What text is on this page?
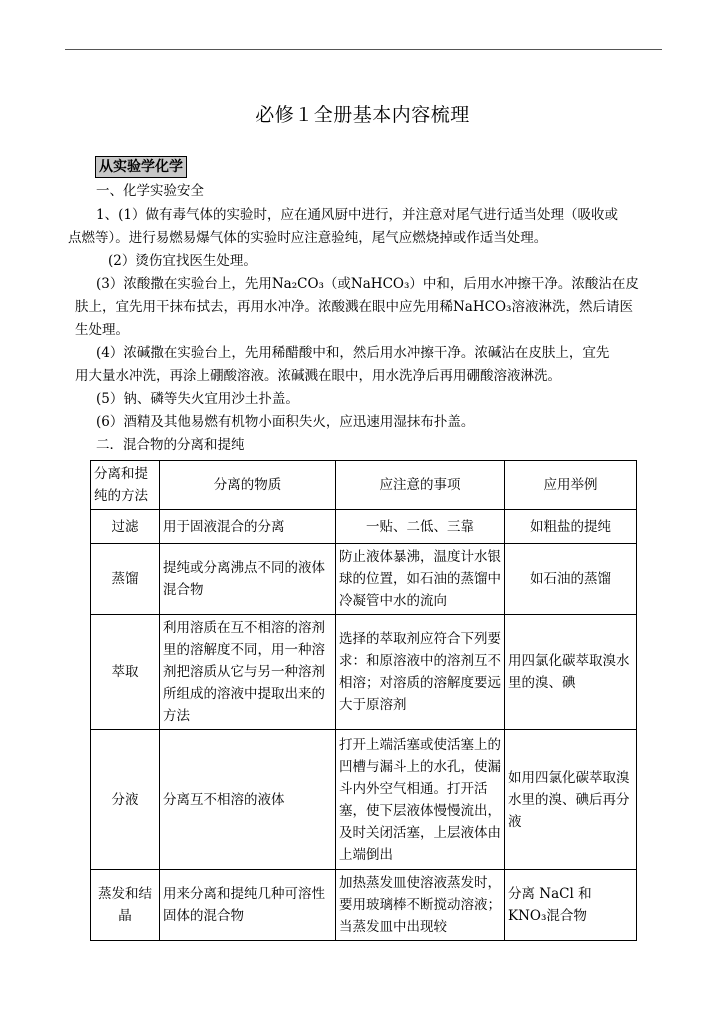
必修１全册基本内容梳理
从实验学化学
一、化学实验安全
1、(1）做有毒气体的实验时，应在通风厨中进行，并注意对尾气进行适当处理（吸收或
点燃等）。进行易燃易爆气体的实验时应注意验纯，尾气应燃烧掉或作适当处理。
(2）烫伤宜找医生处理。
(3）浓酸撒在实验台上，先用Na₂CO₃（或NaHCO₃）中和，后用水冲擦干净。浓酸沾在皮
肤上，宜先用干抹布拭去，再用水冲净。浓酸溅在眼中应先用稀NaHCO₃溶液淋洗，然后请医
生处理。
(4）浓碱撒在实验台上，先用稀醋酸中和，然后用水冲擦干净。浓碱沾在皮肤上，宜先
用大量水冲洗，再涂上硼酸溶液。浓碱溅在眼中，用水洗净后再用硼酸溶液淋洗。
(5）钠、磷等失火宜用沙土扑盖。
(6）酒精及其他易燃有机物小面积失火，应迅速用湿抹布扑盖。
二．混合物的分离和提纯
分离和提纯的方法	分离的物质	应注意的事项	应用举例
过滤	用于固液混合的分离	一贴、二低、三靠	如粗盐的提纯
蒸馏	提纯或分离沸点不同的液体混合物	防止液体暴沸，温度计水银球的位置，如石油的蒸馏中冷凝管中水的流向	如石油的蒸馏
萃取	利用溶质在互不相溶的溶剂里的溶解度不同，用一种溶剂把溶质从它与另一种溶剂所组成的溶液中提取出来的方法	选择的萃取剂应符合下列要求：和原溶液中的溶剂互不相溶；对溶质的溶解度要远大于原溶剂	用四氯化碳萃取溴水里的溴、碘
分液	分离互不相溶的液体	打开上端活塞或使活塞上的凹槽与漏斗上的水孔，使漏斗内外空气相通。打开活塞，使下层液体慢慢流出，及时关闭活塞，上层液体由上端倒出	如用四氯化碳萃取溴水里的溴、碘后再分液
蒸发和结晶	用来分离和提纯几种可溶性固体的混合物	加热蒸发皿使溶液蒸发时，要用玻璃棒不断搅动溶液；当蒸发皿中出现较	分离 NaCl 和 KNO₃混合物
